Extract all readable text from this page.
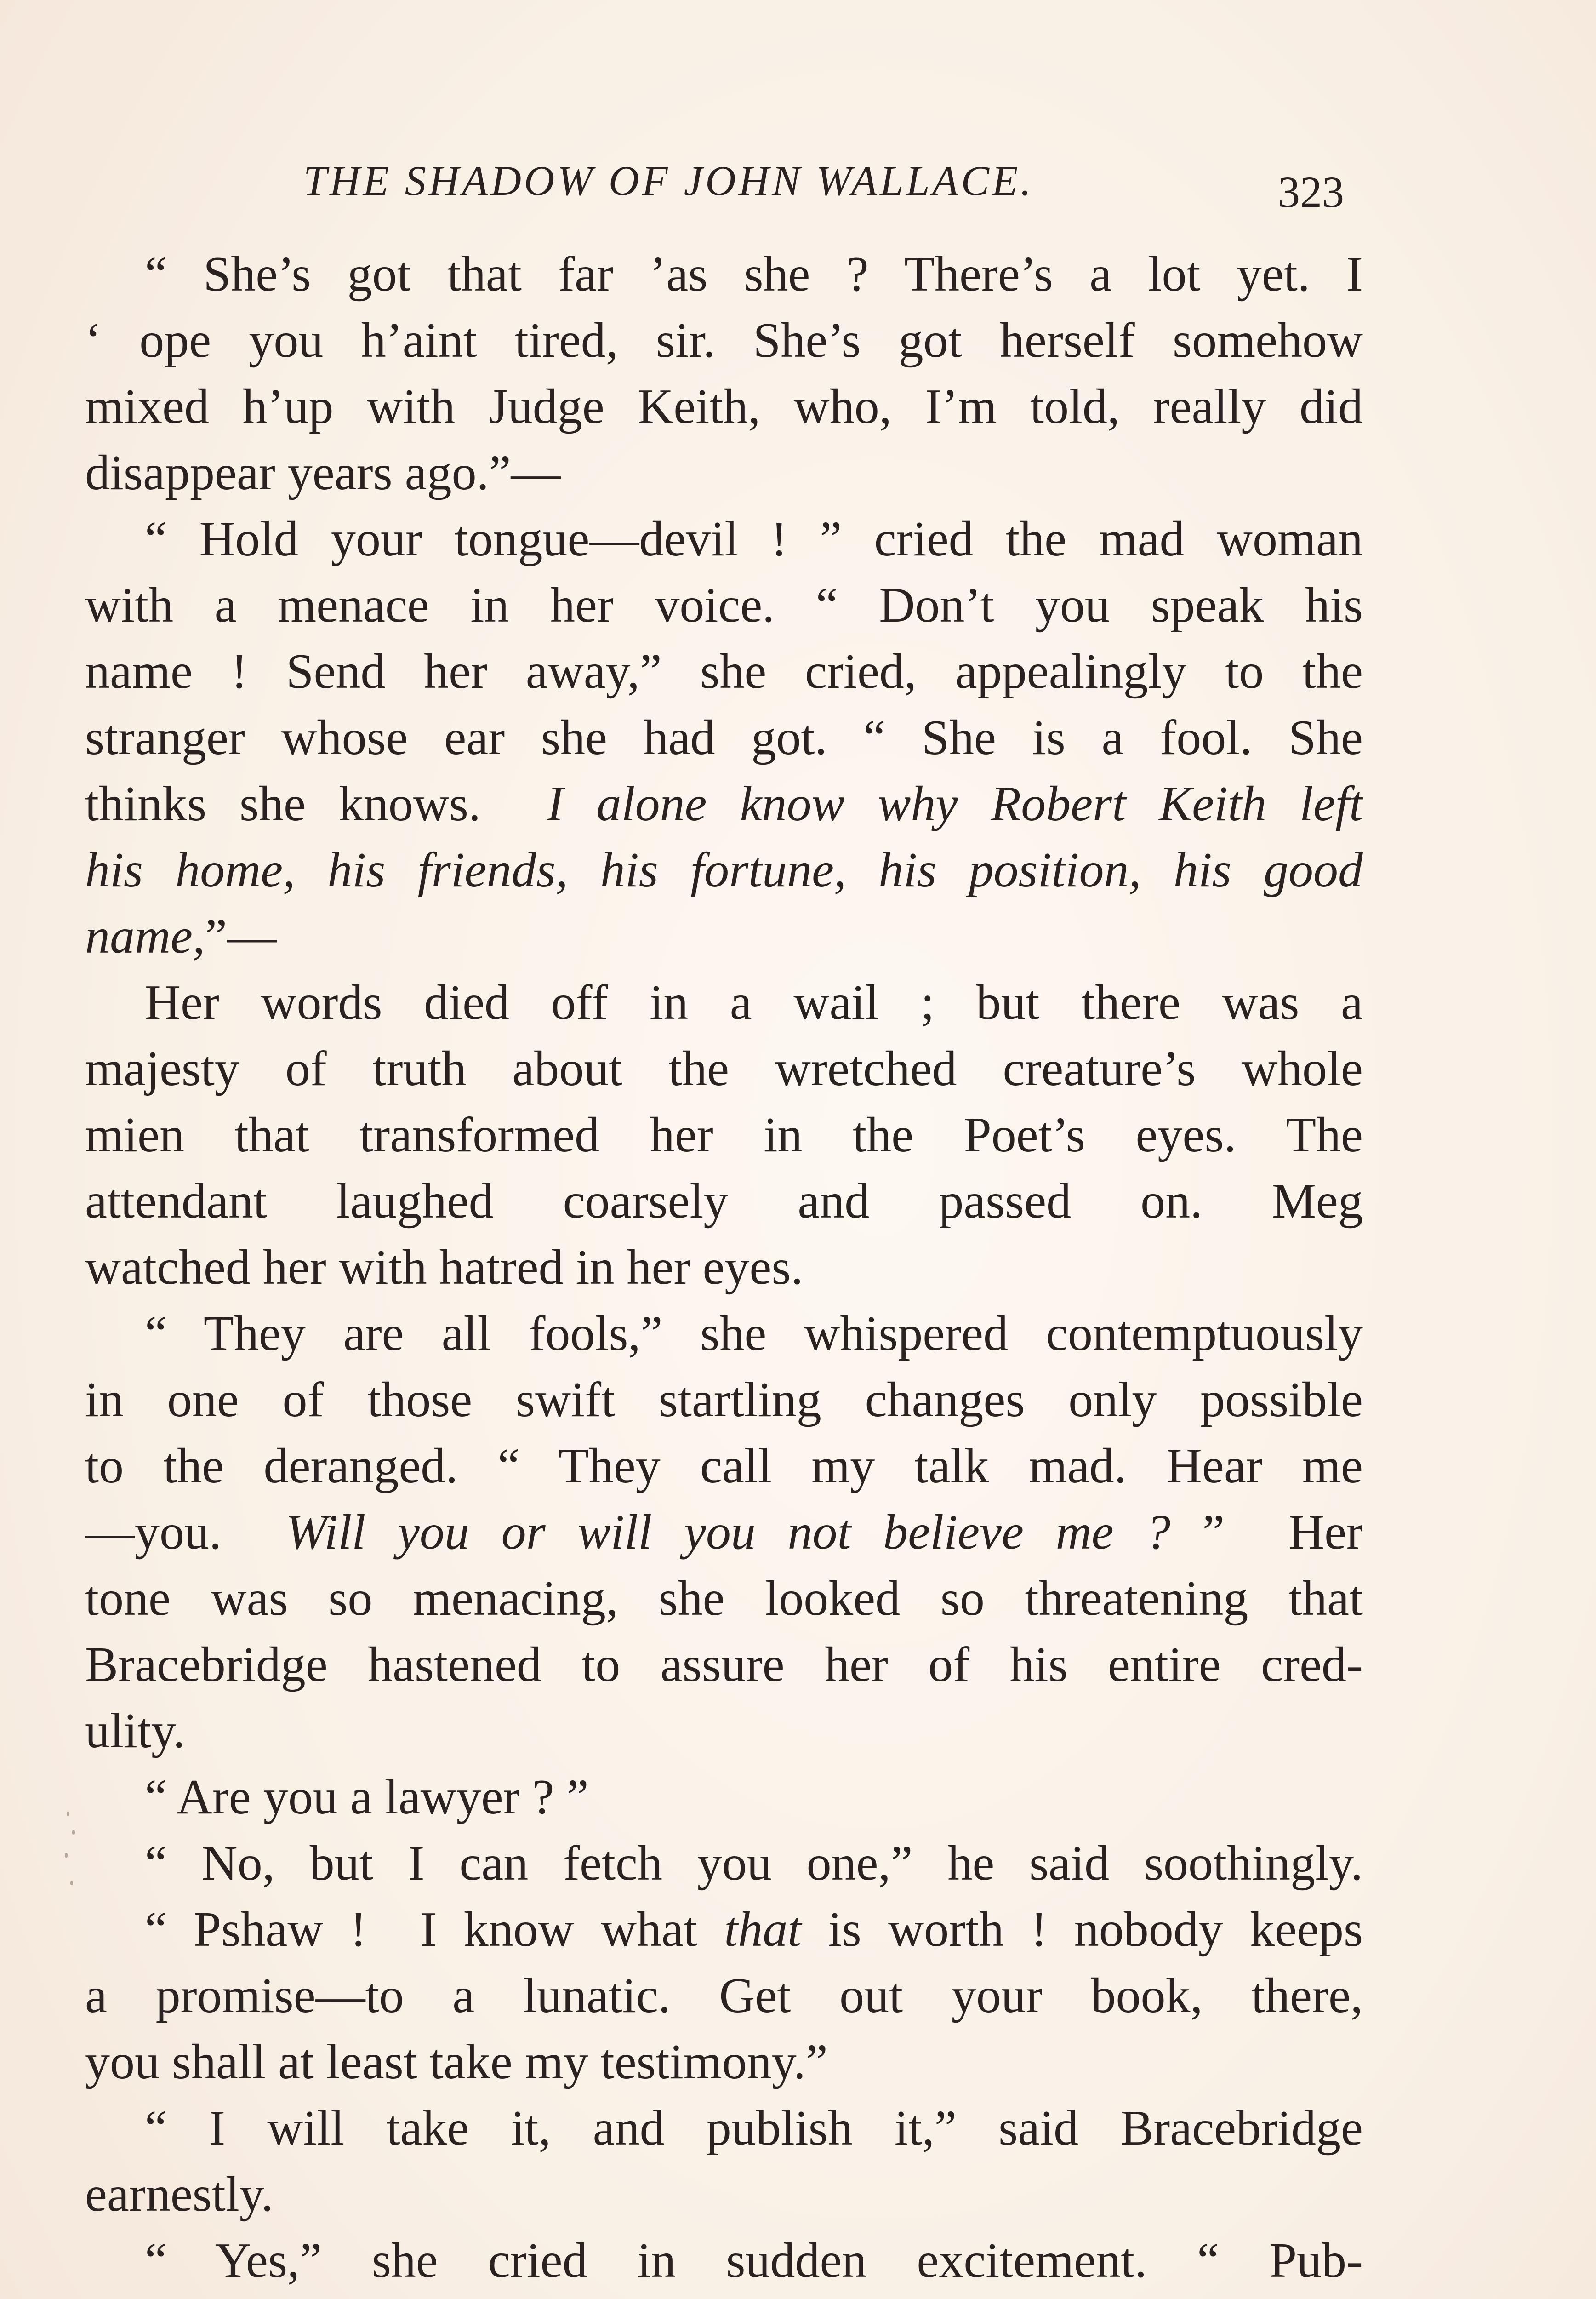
THE SHADOW OF JOHN WALLACE.	323
“ She’s got that far ’as she ? There’s a lot yet. I
‘ ope you h’aint tired, sir. She’s got herself somehow
mixed h’up with Judge Keith, who, I’m told, really did
disappear years ago.”—
“ Hold your tongue—devil ! ” cried the mad woman
with a menace in her voice. “ Don’t you speak his
name ! Send her away,” she cried, appealingly to the
stranger whose ear she had got. “ She is a fool. She
thinks she knows.  I alone know why Robert Keith left
his home, his friends, his fortune, his position, his good
name,”—
Her words died off in a wail ; but there was a
majesty of truth about the wretched creature’s whole
mien that transformed her in the Poet’s eyes. The
attendant laughed coarsely and passed on. Meg
watched her with hatred in her eyes.
“ They are all fools,” she whispered contemptuously
in one of those swift startling changes only possible
to the deranged. “ They call my talk mad. Hear me
—you.  Will you or will you not believe me ? ”  Her
tone was so menacing, she looked so threatening that
Bracebridge hastened to assure her of his entire cred-
ulity.
“ Are you a lawyer ? ”
“ No, but I can fetch you one,” he said soothingly.
“ Pshaw !  I know what that is worth ! nobody keeps
a promise—to a lunatic. Get out your book, there,
you shall at least take my testimony.”
“ I will take it, and publish it,” said Bracebridge
earnestly.
“ Yes,” she cried in sudden excitement. “ Pub-
